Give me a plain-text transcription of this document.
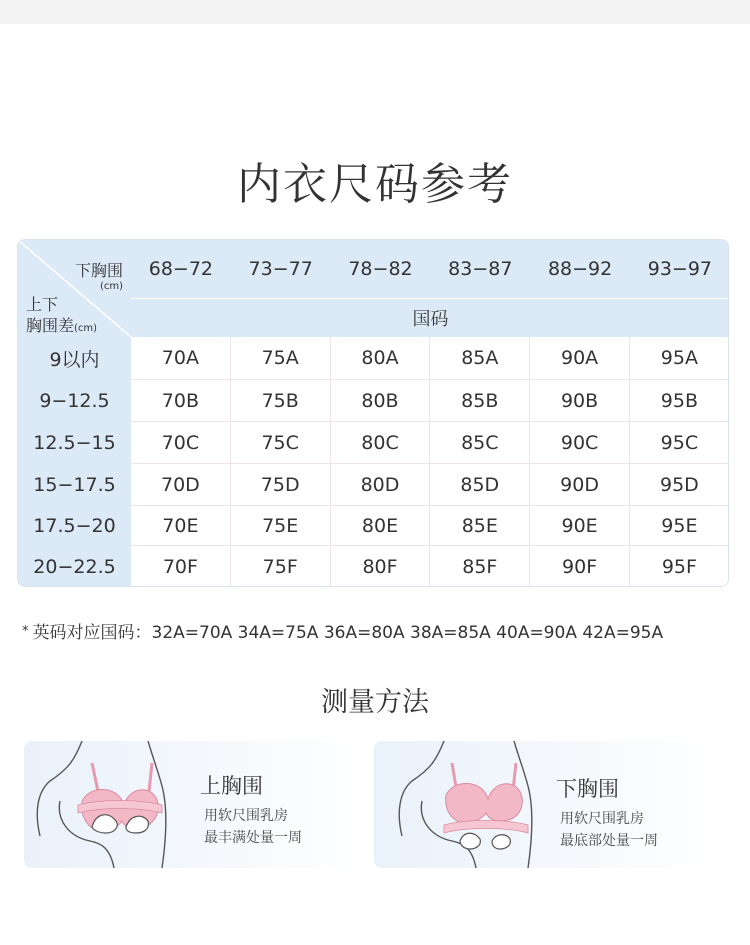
内衣尺码参考
下胸围
(cm)
上下
胸围差(cm)
68−72	73−77	78−82	83−87	88−92	93−97
国码
9以内	70A	75A	80A	85A	90A	95A
9−12.5	70B	75B	80B	85B	90B	95B
12.5−15	70C	75C	80C	85C	90C	95C
15−17.5	70D	75D	80D	85D	90D	95D
17.5−20	70E	75E	80E	85E	90E	95E
20−22.5	70F	75F	80F	85F	90F	95F
* 英码对应国码：32A=70A 34A=75A 36A=80A 38A=85A 40A=90A 42A=95A
测量方法
上胸围
用软尺围乳房
最丰满处量一周
下胸围
用软尺围乳房
最底部处量一周
